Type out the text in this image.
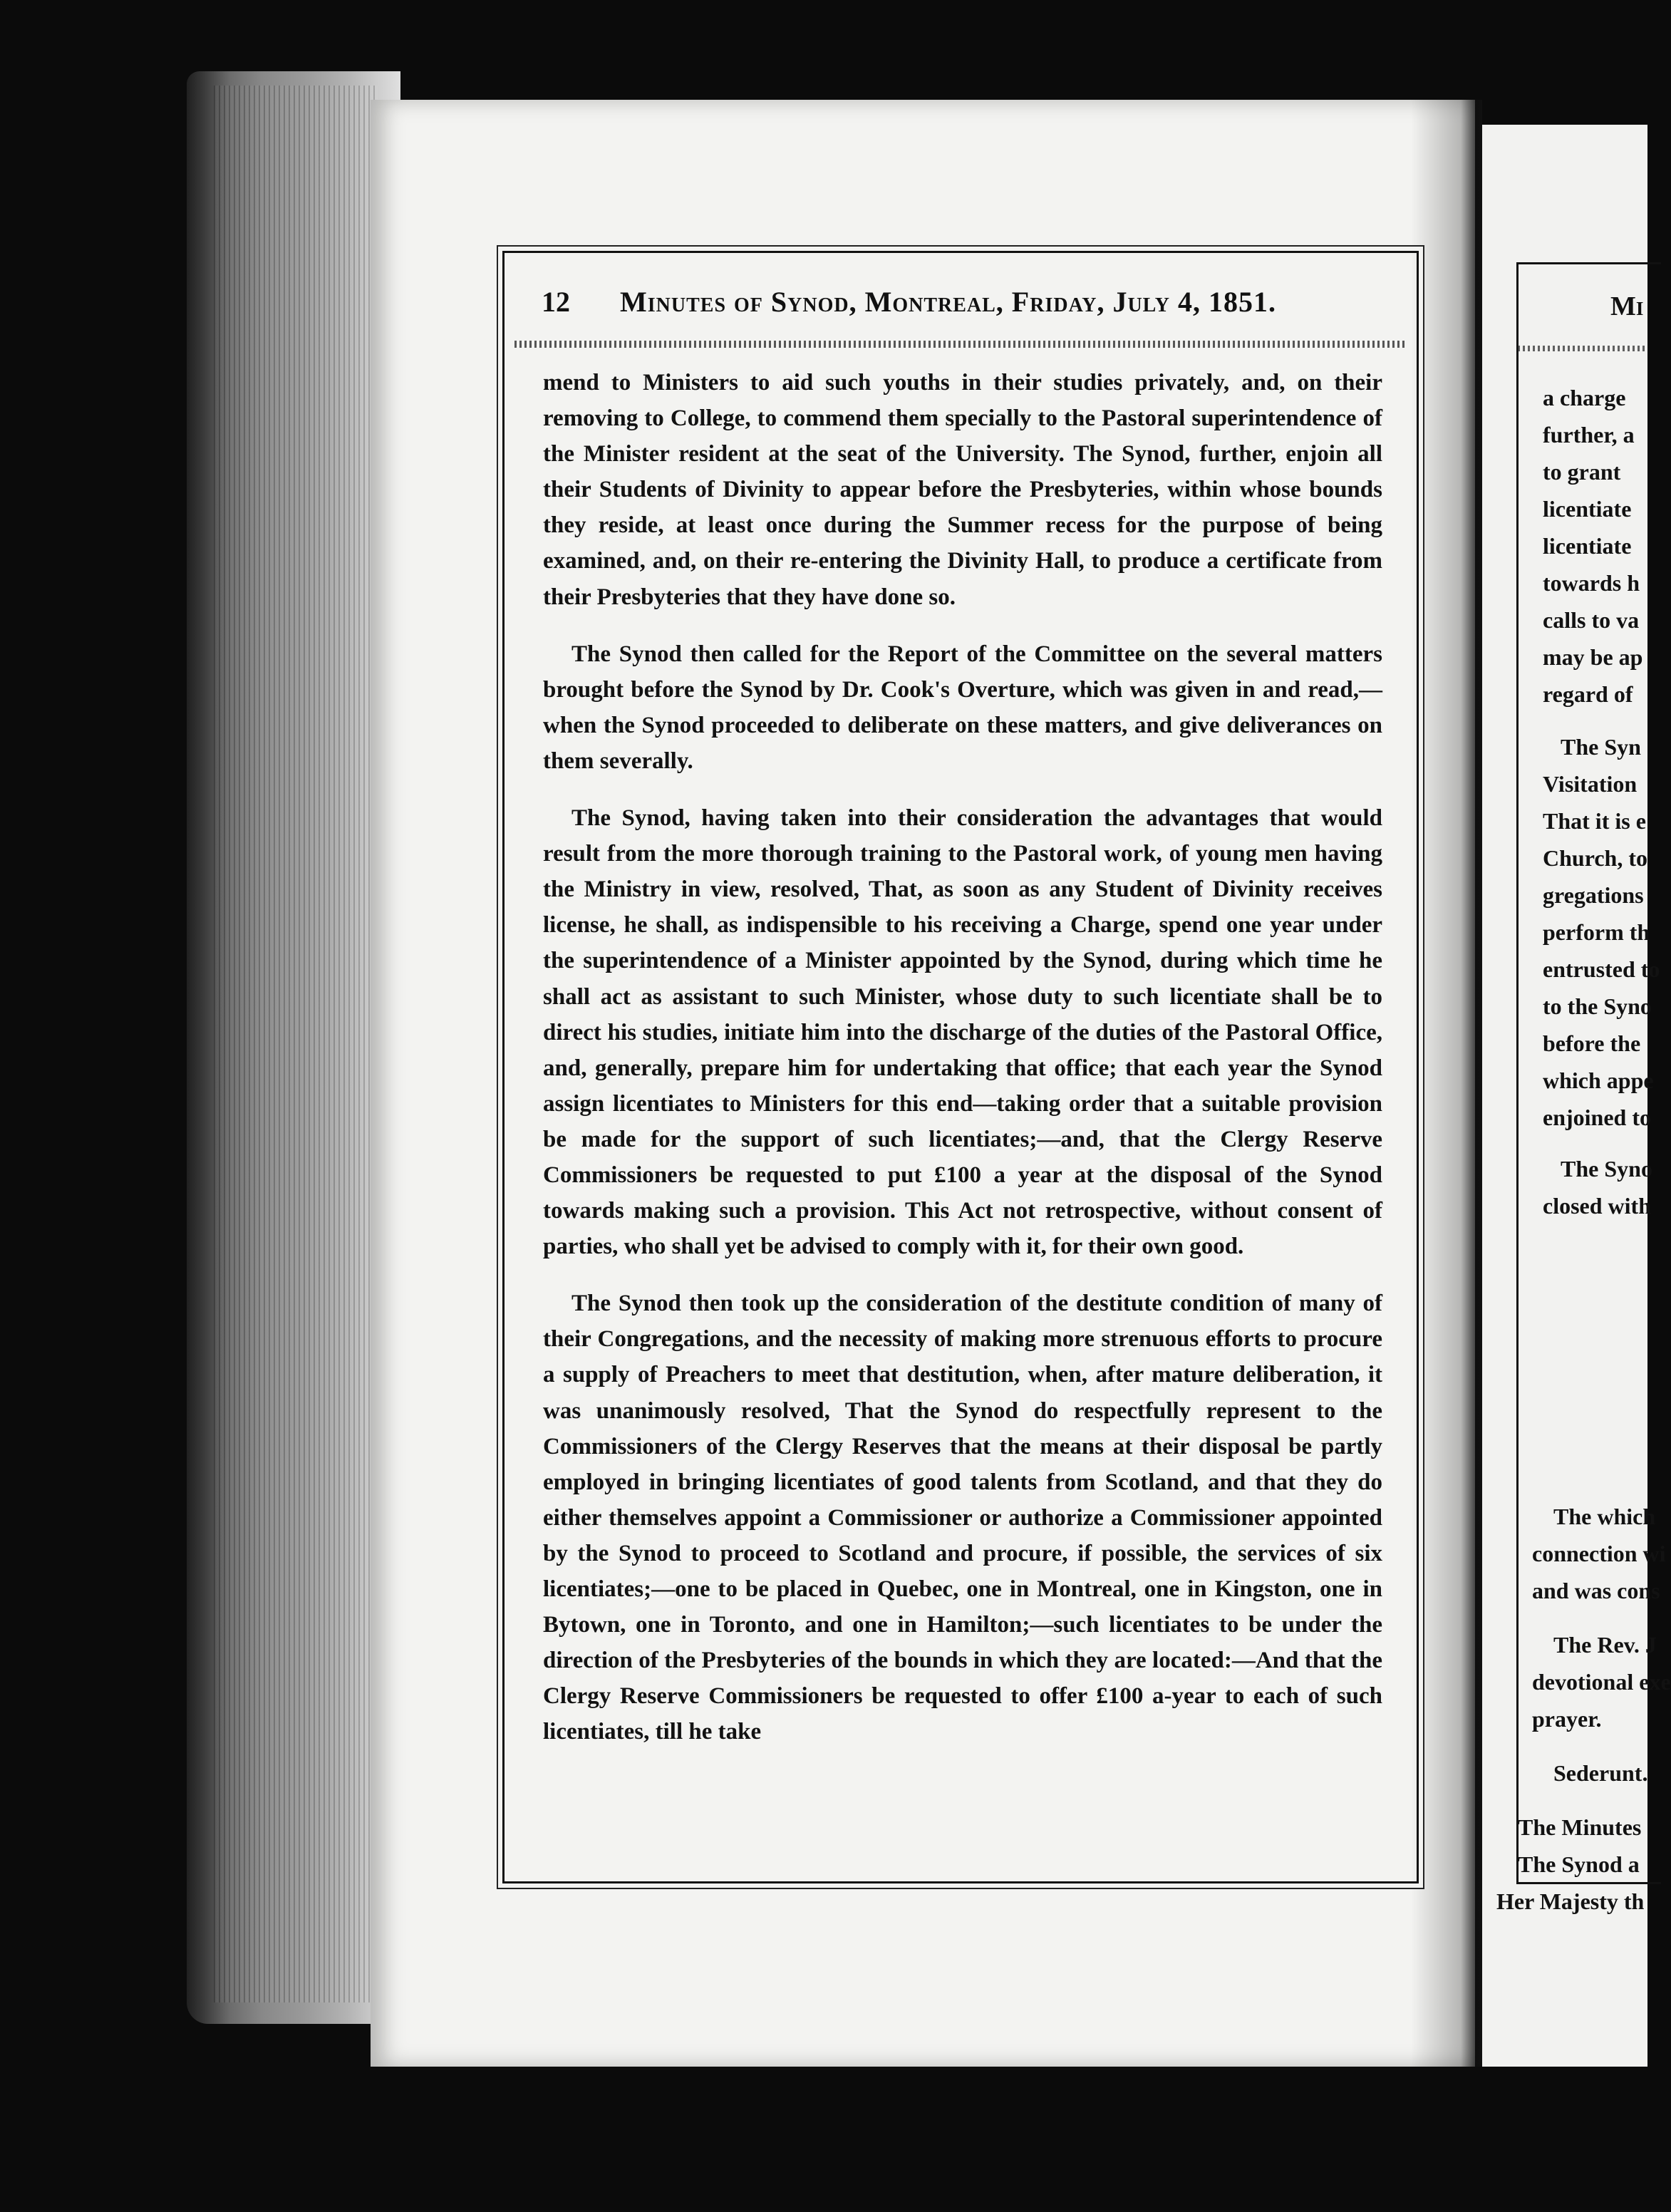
12 Minutes of Synod, Montreal, Friday, July 4, 1851.

mend to Ministers to aid such youths in their studies privately, and, on their removing to College, to commend them specially to the Pastoral superintendence of the Minister resident at the seat of the University. The Synod, further, enjoin all their Students of Divinity to appear before the Presbyteries, within whose bounds they reside, at least once during the Summer recess for the purpose of being examined, and, on their re-entering the Divinity Hall, to produce a certificate from their Presbyteries that they have done so.

The Synod then called for the Report of the Committee on the several matters brought before the Synod by Dr. Cook's Overture, which was given in and read,—when the Synod proceeded to deliberate on these matters, and give deliverances on them severally.

The Synod, having taken into their consideration the advantages that would result from the more thorough training to the Pastoral work, of young men having the Ministry in view, resolved, That, as soon as any Student of Divinity receives license, he shall, as indispensible to his receiving a Charge, spend one year under the superintendence of a Minister appointed by the Synod, during which time he shall act as assistant to such Minister, whose duty to such licentiate shall be to direct his studies, initiate him into the discharge of the duties of the Pastoral Office, and, generally, prepare him for undertaking that office; that each year the Synod assign licentiates to Ministers for this end—taking order that a suitable provision be made for the support of such licentiates;—and, that the Clergy Reserve Commissioners be requested to put £100 a year at the disposal of the Synod towards making such a provision. This Act not retrospective, without consent of parties, who shall yet be advised to comply with it, for their own good.

The Synod then took up the consideration of the destitute condition of many of their Congregations, and the necessity of making more strenuous efforts to procure a supply of Preachers to meet that destitution, when, after mature deliberation, it was unanimously resolved, That the Synod do respectfully represent to the Commissioners of the Clergy Reserves that the means at their disposal be partly employed in bringing licentiates of good talents from Scotland, and that they do either themselves appoint a Commissioner or authorize a Commissioner appointed by the Synod to proceed to Scotland and procure, if possible, the services of six licentiates;—one to be placed in Quebec, one in Montreal, one in Kingston, one in Bytown, one in Toronto, and one in Hamilton;—such licentiates to be under the direction of the Presbyteries of the bounds in which they are located:—And that the Clergy Reserve Commissioners be requested to offer £100 a-year to each of such licentiates, till he take

Mi
a charge
further, a
to grant
licentiate
licentiate
towards h
calls to va
may be ap
regard of
The Syn
Visitation
That it is e
Church, to
gregations
perform th
entrusted to
to the Syno
before the
which appe
enjoined to
The Syno
closed with
The which
connection wi
and was cons
The Rev. J
devotional exe
prayer.
Sederunt.
The Minutes
The Synod a
Her Majesty th
